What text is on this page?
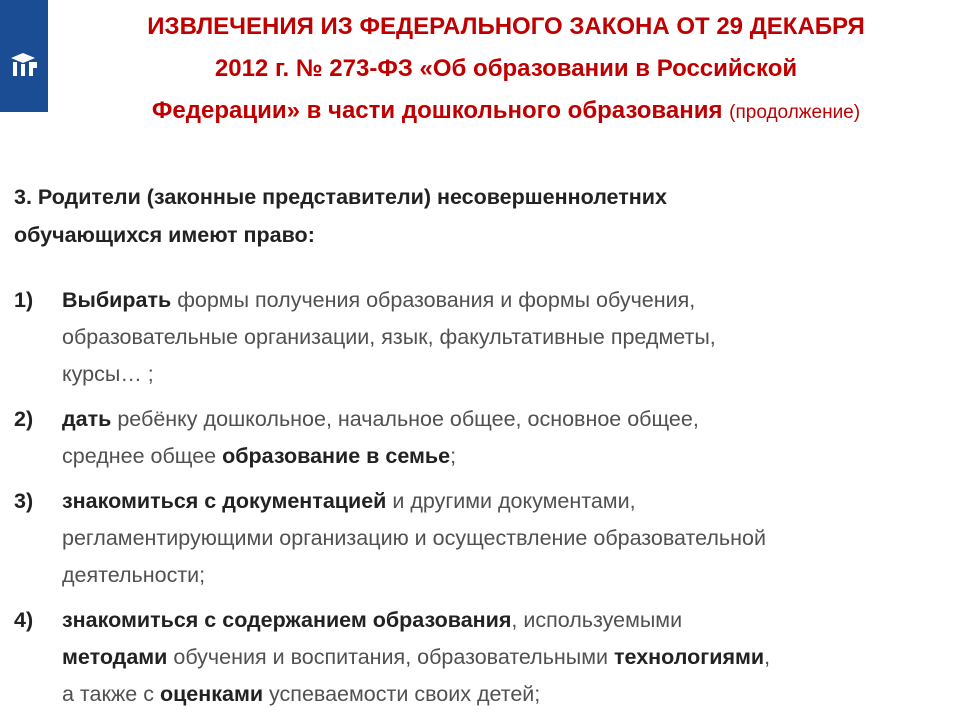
ИЗВЛЕЧЕНИЯ ИЗ ФЕДЕРАЛЬНОГО ЗАКОНА ОТ 29 ДЕКАБРЯ
2012 г. № 273-ФЗ «Об образовании в Российской
Федерации» в части дошкольного образования (продолжение)

3. Родители (законные представители) несовершеннолетних
обучающихся имеют право:

1) Выбирать формы получения образования и формы обучения,
образовательные организации, язык, факультативные предметы,
курсы… ;
2) дать ребёнку дошкольное, начальное общее, основное общее,
среднее общее образование в семье;
3) знакомиться с документацией и другими документами,
регламентирующими организацию и осуществление образовательной
деятельности;
4) знакомиться с содержанием образования, используемыми
методами обучения и воспитания, образовательными технологиями,
а также с оценками успеваемости своих детей;
